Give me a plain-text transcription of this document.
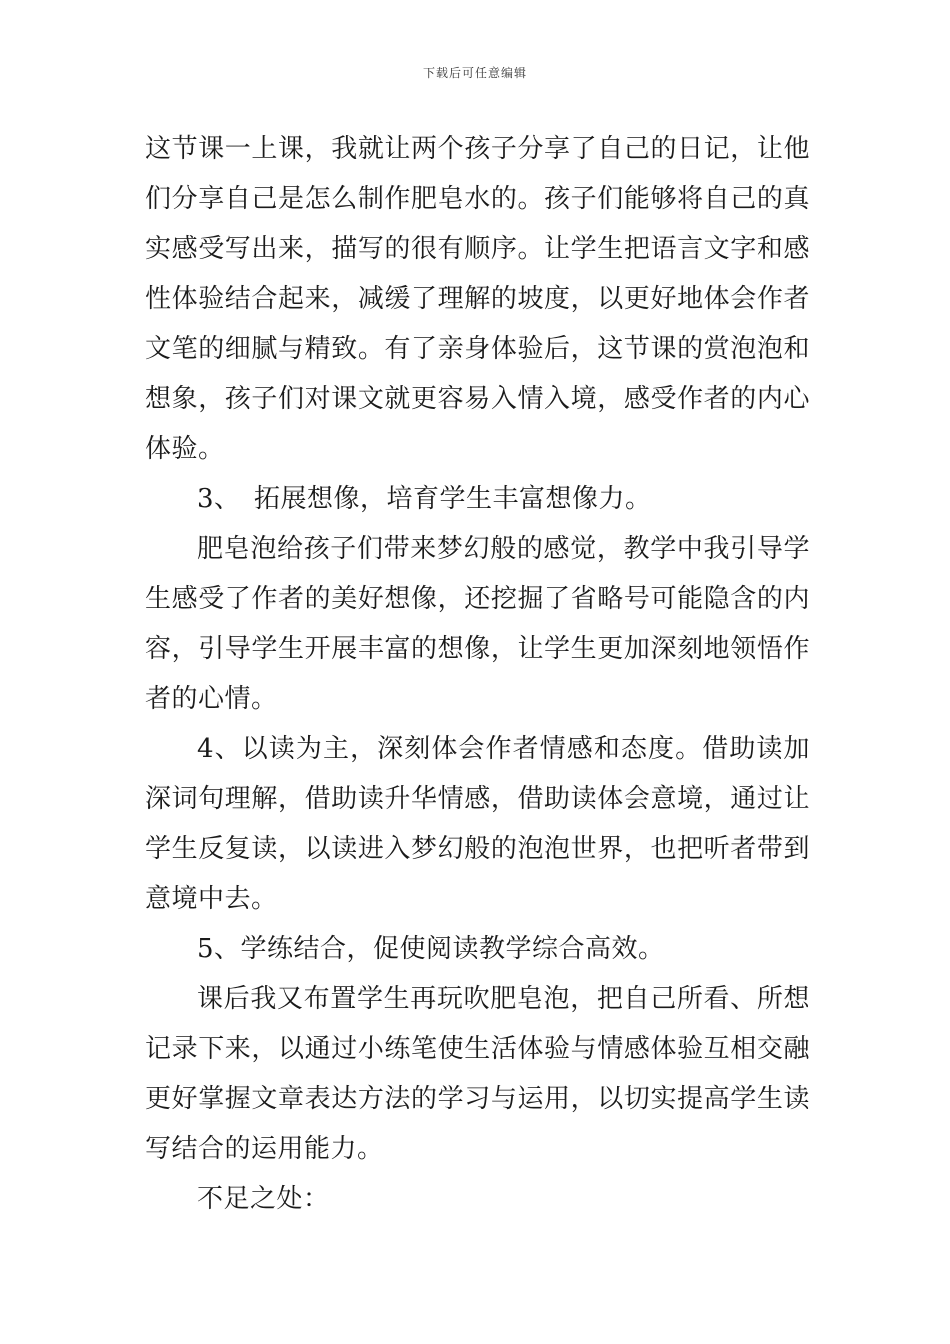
下载后可任意编辑

这节课一上课，我就让两个孩子分享了自己的日记，让他们分享自己是怎么制作肥皂水的。孩子们能够将自己的真实感受写出来，描写的很有顺序。让学生把语言文字和感性体验结合起来，减缓了理解的坡度，以更好地体会作者文笔的细腻与精致。有了亲身体验后，这节课的赏泡泡和想象，孩子们对课文就更容易入情入境，感受作者的内心体验。

3、　拓展想像，培育学生丰富想像力。

肥皂泡给孩子们带来梦幻般的感觉，教学中我引导学生感受了作者的美好想像，还挖掘了省略号可能隐含的内容，引导学生开展丰富的想像，让学生更加深刻地领悟作者的心情。

4、以读为主，深刻体会作者情感和态度。借助读加深词句理解，借助读升华情感，借助读体会意境，通过让学生反复读，以读进入梦幻般的泡泡世界，也把听者带到意境中去。

5、学练结合，促使阅读教学综合高效。

课后我又布置学生再玩吹肥皂泡，把自己所看、所想记录下来，以通过小练笔使生活体验与情感体验互相交融更好掌握文章表达方法的学习与运用，以切实提高学生读写结合的运用能力。

不足之处：
